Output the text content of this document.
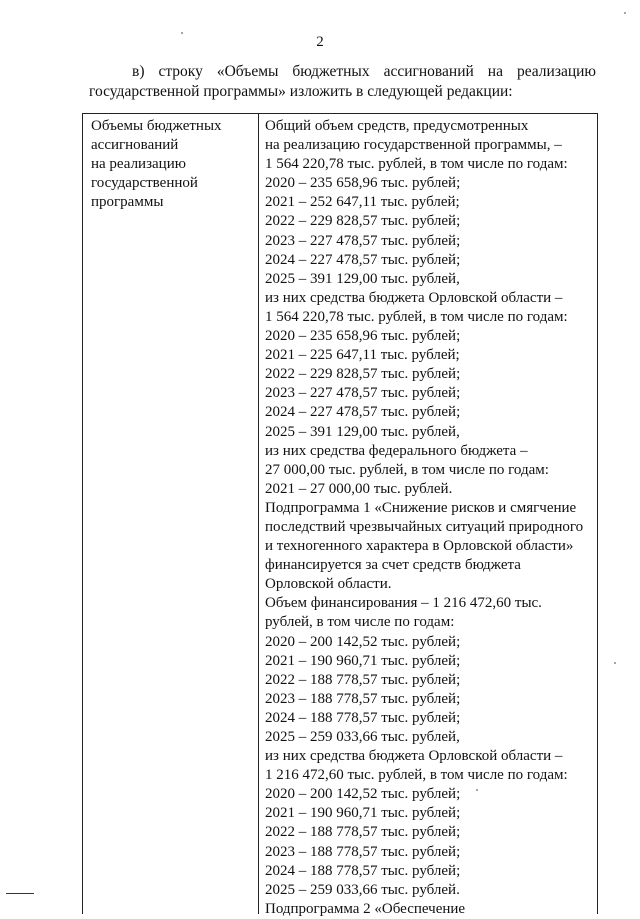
2
в) строку «Объемы бюджетных ассигнований на реализацию
государственной программы» изложить в следующей редакции:
Объемы бюджетных
ассигнований
на реализацию
государственной
программы
Общий объем средств, предусмотренных
на реализацию государственной программы, –
1 564 220,78 тыс. рублей, в том числе по годам:
2020 – 235 658,96 тыс. рублей;
2021 – 252 647,11 тыс. рублей;
2022 – 229 828,57 тыс. рублей;
2023 – 227 478,57 тыс. рублей;
2024 – 227 478,57 тыс. рублей;
2025 – 391 129,00 тыс. рублей,
из них средства бюджета Орловской области –
1 564 220,78 тыс. рублей, в том числе по годам:
2020 – 235 658,96 тыс. рублей;
2021 – 225 647,11 тыс. рублей;
2022 – 229 828,57 тыс. рублей;
2023 – 227 478,57 тыс. рублей;
2024 – 227 478,57 тыс. рублей;
2025 – 391 129,00 тыс. рублей,
из них средства федерального бюджета –
27 000,00 тыс. рублей, в том числе по годам:
2021 – 27 000,00 тыс. рублей.
Подпрограмма 1 «Снижение рисков и смягчение
последствий чрезвычайных ситуаций природного
и техногенного характера в Орловской области»
финансируется за счет средств бюджета
Орловской области.
Объем финансирования – 1 216 472,60 тыс.
рублей, в том числе по годам:
2020 – 200 142,52 тыс. рублей;
2021 – 190 960,71 тыс. рублей;
2022 – 188 778,57 тыс. рублей;
2023 – 188 778,57 тыс. рублей;
2024 – 188 778,57 тыс. рублей;
2025 – 259 033,66 тыс. рублей,
из них средства бюджета Орловской области –
1 216 472,60 тыс. рублей, в том числе по годам:
2020 – 200 142,52 тыс. рублей;
2021 – 190 960,71 тыс. рублей;
2022 – 188 778,57 тыс. рублей;
2023 – 188 778,57 тыс. рублей;
2024 – 188 778,57 тыс. рублей;
2025 – 259 033,66 тыс. рублей.
Подпрограмма 2 «Обеспечение
